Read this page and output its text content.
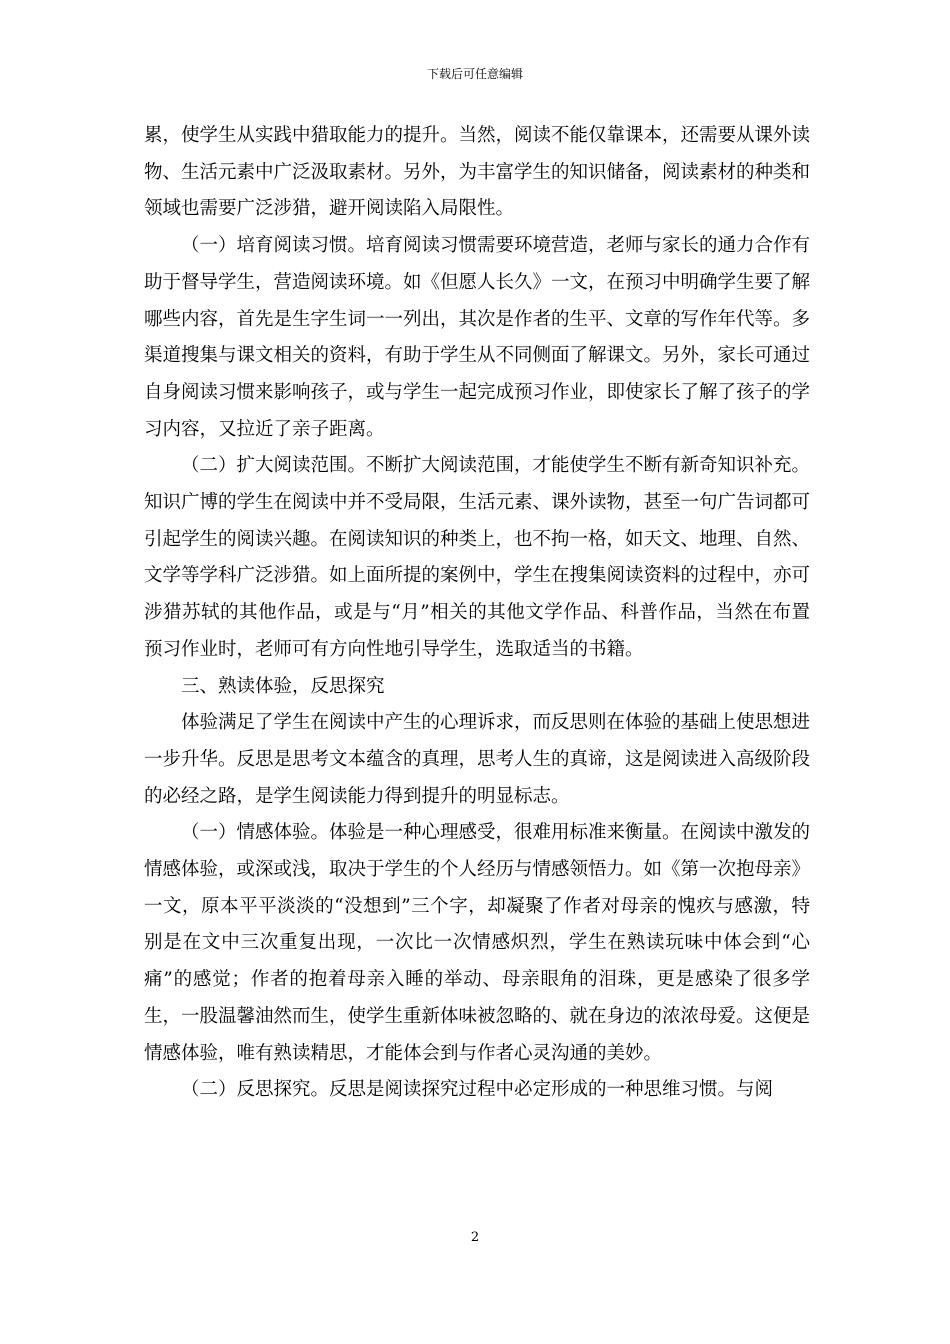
下载后可任意编辑

累，使学生从实践中猎取能力的提升。当然，阅读不能仅靠课本，还需要从课外读物、生活元素中广泛汲取素材。另外，为丰富学生的知识储备，阅读素材的种类和领域也需要广泛涉猎，避开阅读陷入局限性。

（一）培育阅读习惯。培育阅读习惯需要环境营造，老师与家长的通力合作有助于督导学生，营造阅读环境。如《但愿人长久》一文，在预习中明确学生要了解哪些内容，首先是生字生词一一列出，其次是作者的生平、文章的写作年代等。多渠道搜集与课文相关的资料，有助于学生从不同侧面了解课文。另外，家长可通过自身阅读习惯来影响孩子，或与学生一起完成预习作业，即使家长了解了孩子的学习内容，又拉近了亲子距离。

（二）扩大阅读范围。不断扩大阅读范围，才能使学生不断有新奇知识补充。知识广博的学生在阅读中并不受局限，生活元素、课外读物，甚至一句广告词都可引起学生的阅读兴趣。在阅读知识的种类上，也不拘一格，如天文、地理、自然、文学等学科广泛涉猎。如上面所提的案例中，学生在搜集阅读资料的过程中，亦可涉猎苏轼的其他作品，或是与“月”相关的其他文学作品、科普作品，当然在布置预习作业时，老师可有方向性地引导学生，选取适当的书籍。

三、熟读体验，反思探究

体验满足了学生在阅读中产生的心理诉求，而反思则在体验的基础上使思想进一步升华。反思是思考文本蕴含的真理，思考人生的真谛，这是阅读进入高级阶段的必经之路，是学生阅读能力得到提升的明显标志。

（一）情感体验。体验是一种心理感受，很难用标准来衡量。在阅读中激发的情感体验，或深或浅，取决于学生的个人经历与情感领悟力。如《第一次抱母亲》一文，原本平平淡淡的“没想到”三个字，却凝聚了作者对母亲的愧疚与感激，特别是在文中三次重复出现，一次比一次情感炽烈，学生在熟读玩味中体会到“心痛”的感觉；作者的抱着母亲入睡的举动、母亲眼角的泪珠，更是感染了很多学生，一股温馨油然而生，使学生重新体味被忽略的、就在身边的浓浓母爱。这便是情感体验，唯有熟读精思，才能体会到与作者心灵沟通的美妙。

（二）反思探究。反思是阅读探究过程中必定形成的一种思维习惯。与阅

2
